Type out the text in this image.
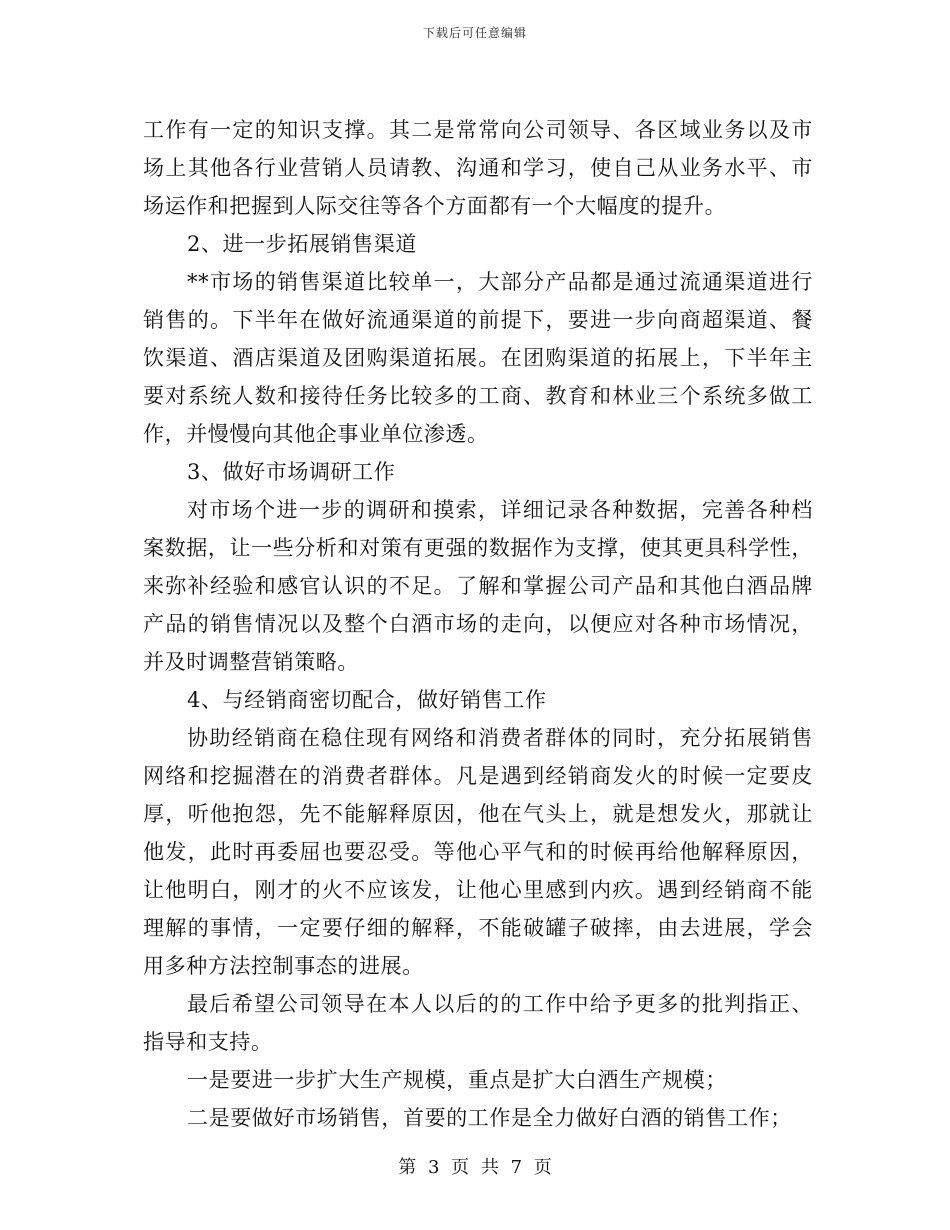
下载后可任意编辑
工作有一定的知识支撑。其二是常常向公司领导、各区域业务以及市
场上其他各行业营销人员请教、沟通和学习，使自己从业务水平、市
场运作和把握到人际交往等各个方面都有一个大幅度的提升。
2、进一步拓展销售渠道
**市场的销售渠道比较单一，大部分产品都是通过流通渠道进行
销售的。下半年在做好流通渠道的前提下，要进一步向商超渠道、餐
饮渠道、酒店渠道及团购渠道拓展。在团购渠道的拓展上，下半年主
要对系统人数和接待任务比较多的工商、教育和林业三个系统多做工
作，并慢慢向其他企事业单位渗透。
3、做好市场调研工作
对市场个进一步的调研和摸索，详细记录各种数据，完善各种档
案数据，让一些分析和对策有更强的数据作为支撑，使其更具科学性，
来弥补经验和感官认识的不足。了解和掌握公司产品和其他白酒品牌
产品的销售情况以及整个白酒市场的走向，以便应对各种市场情况，
并及时调整营销策略。
4、与经销商密切配合，做好销售工作
协助经销商在稳住现有网络和消费者群体的同时，充分拓展销售
网络和挖掘潜在的消费者群体。凡是遇到经销商发火的时候一定要皮
厚，听他抱怨，先不能解释原因，他在气头上，就是想发火，那就让
他发，此时再委屈也要忍受。等他心平气和的时候再给他解释原因，
让他明白，刚才的火不应该发，让他心里感到内疚。遇到经销商不能
理解的事情，一定要仔细的解释，不能破罐子破摔，由去进展，学会
用多种方法控制事态的进展。
最后希望公司领导在本人以后的的工作中给予更多的批判指正、
指导和支持。
一是要进一步扩大生产规模，重点是扩大白酒生产规模；
二是要做好市场销售，首要的工作是全力做好白酒的销售工作；
第 3 页 共 7 页
